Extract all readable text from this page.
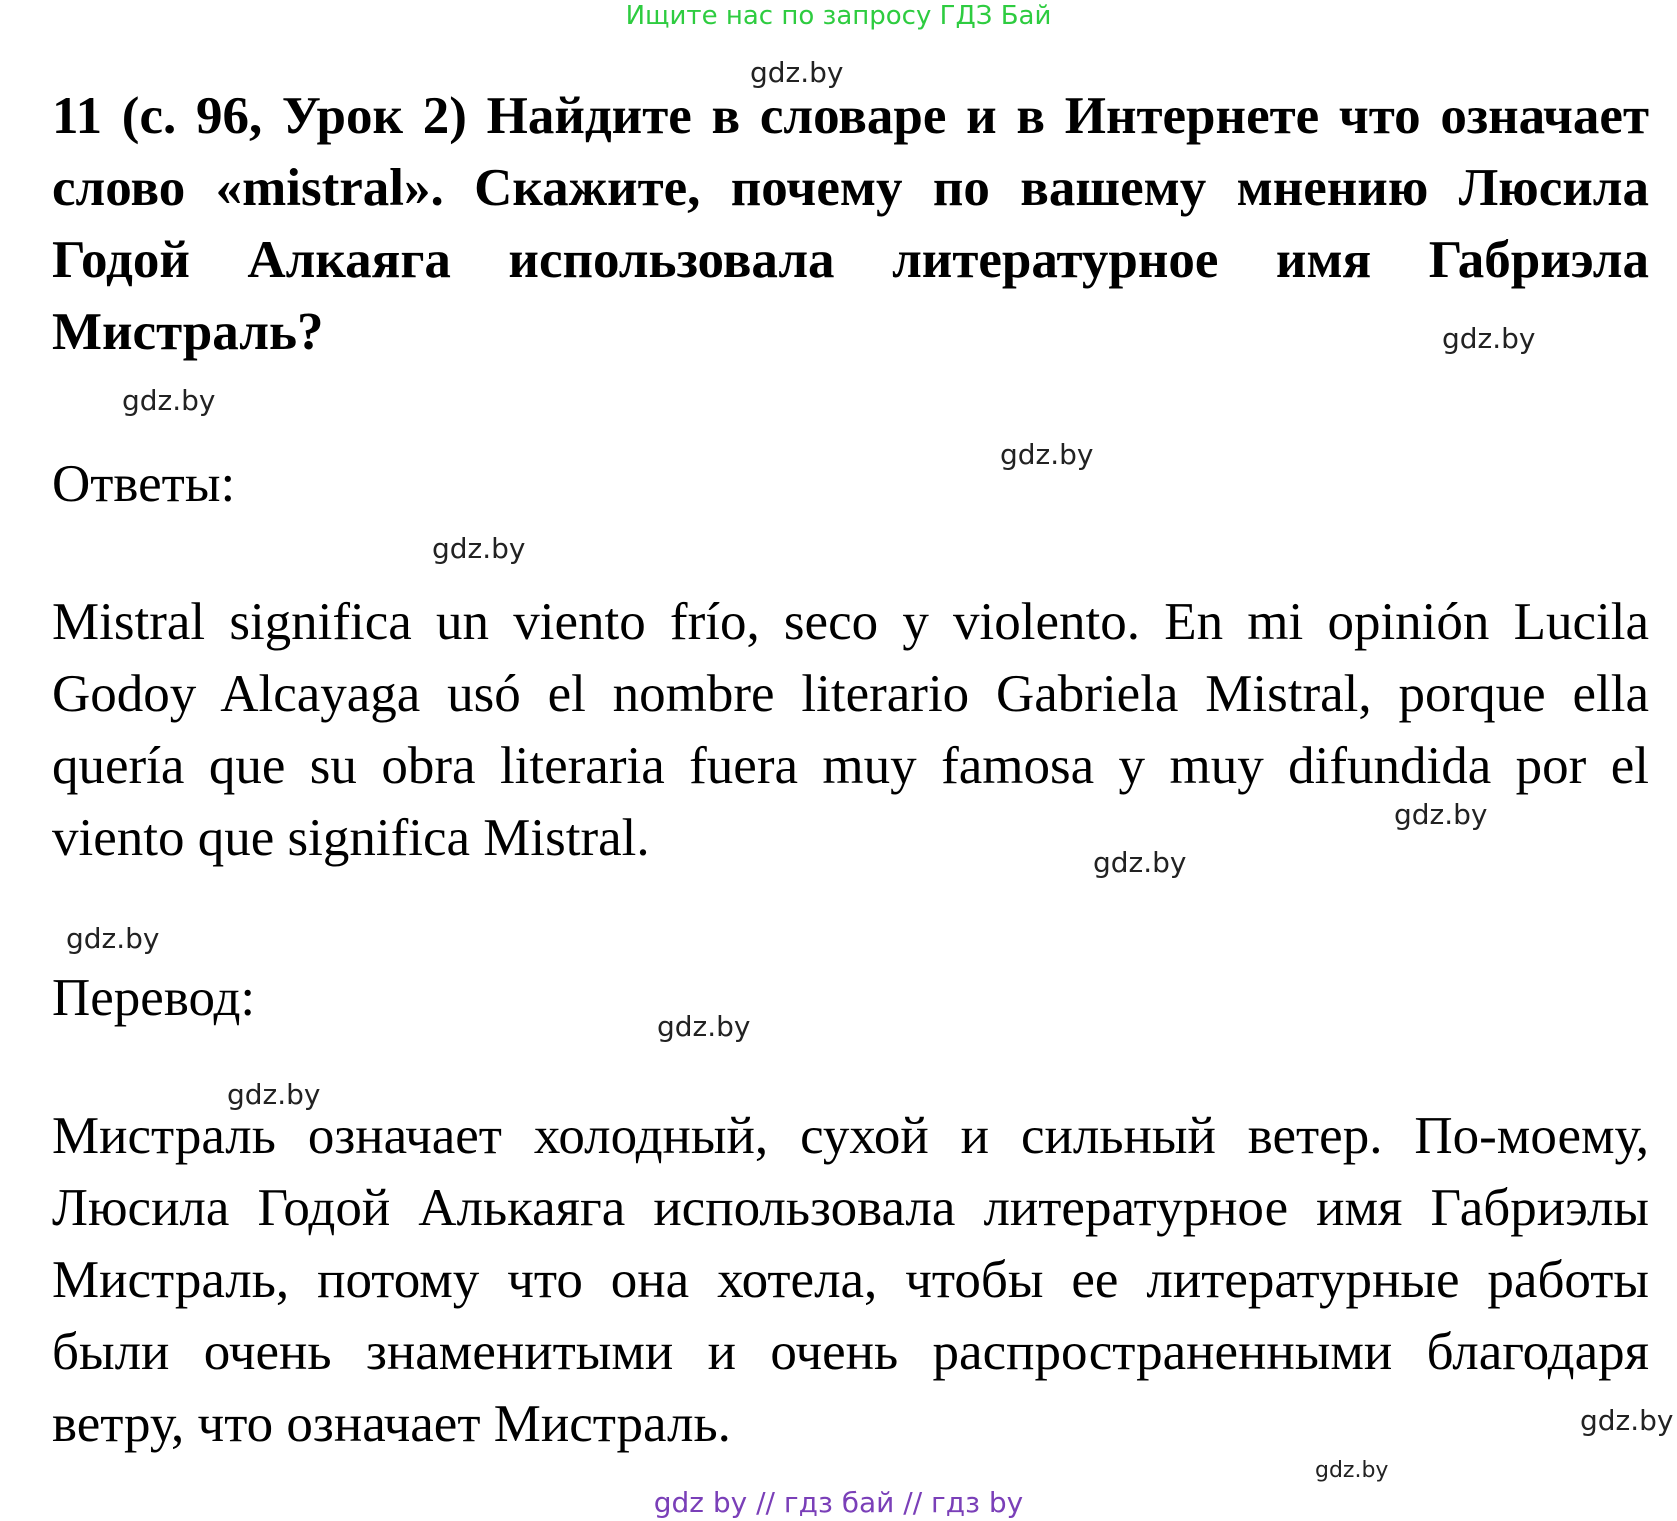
Ищите нас по запросу ГДЗ Бай

11 (с. 96, Урок 2) Найдите в словаре и в Интернете что означает слово «mistral». Скажите, почему по вашему мнению Люсила Годой Алкаяга использовала литературное имя Габриэла Мистраль?

Ответы:

Mistral significa un viento frío, seco y violento. En mi opinión Lucila Godoy Alcayaga usó el nombre literario Gabriela Mistral, porque ella quería que su obra literaria fuera muy famosa y muy difundida por el viento que significa Mistral.

Перевод:

Мистраль означает холодный, сухой и сильный ветер. По-моему, Люсила Годой Алькаяга использовала литературное имя Габриэлы Мистраль, потому что она хотела, чтобы ее литературные работы были очень знаменитыми и очень распространенными благодаря ветру, что означает Мистраль.

gdz.by
gdz.by
gdz.by
gdz.by
gdz.by
gdz.by
gdz.by
gdz.by
gdz.by
gdz.by
gdz.by
gdz.by
gdz by // гдз бай // гдз by
